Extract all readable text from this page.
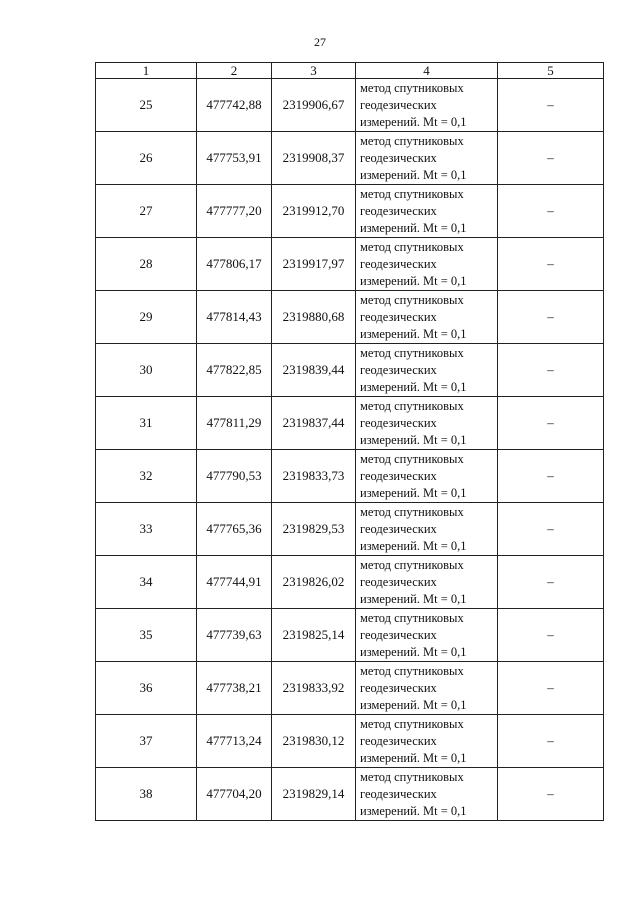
27
1	2	3	4	5
25	477742,88	2319906,67	метод спутниковых
геодезических
измерений. Mt = 0,1	–
26	477753,91	2319908,37	метод спутниковых
геодезических
измерений. Mt = 0,1	–
27	477777,20	2319912,70	метод спутниковых
геодезических
измерений. Mt = 0,1	–
28	477806,17	2319917,97	метод спутниковых
геодезических
измерений. Mt = 0,1	–
29	477814,43	2319880,68	метод спутниковых
геодезических
измерений. Mt = 0,1	–
30	477822,85	2319839,44	метод спутниковых
геодезических
измерений. Mt = 0,1	–
31	477811,29	2319837,44	метод спутниковых
геодезических
измерений. Mt = 0,1	–
32	477790,53	2319833,73	метод спутниковых
геодезических
измерений. Mt = 0,1	–
33	477765,36	2319829,53	метод спутниковых
геодезических
измерений. Mt = 0,1	–
34	477744,91	2319826,02	метод спутниковых
геодезических
измерений. Mt = 0,1	–
35	477739,63	2319825,14	метод спутниковых
геодезических
измерений. Mt = 0,1	–
36	477738,21	2319833,92	метод спутниковых
геодезических
измерений. Mt = 0,1	–
37	477713,24	2319830,12	метод спутниковых
геодезических
измерений. Mt = 0,1	–
38	477704,20	2319829,14	метод спутниковых
геодезических
измерений. Mt = 0,1	–
